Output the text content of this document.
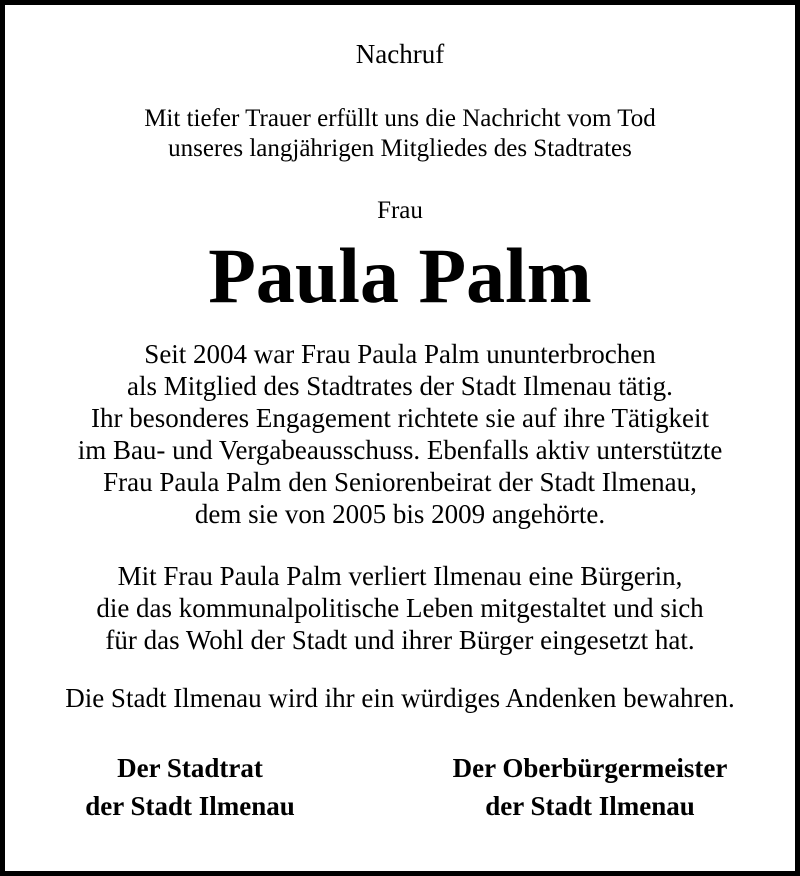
Nachruf
Mit tiefer Trauer erfüllt uns die Nachricht vom Tod
unseres langjährigen Mitgliedes des Stadtrates
Frau
Paula Palm
Seit 2004 war Frau Paula Palm ununterbrochen
als Mitglied des Stadtrates der Stadt Ilmenau tätig.
Ihr besonderes Engagement richtete sie auf ihre Tätigkeit
im Bau- und Vergabeausschuss. Ebenfalls aktiv unterstützte
Frau Paula Palm den Seniorenbeirat der Stadt Ilmenau,
dem sie von 2005 bis 2009 angehörte.
Mit Frau Paula Palm verliert Ilmenau eine Bürgerin,
die das kommunalpolitische Leben mitgestaltet und sich
für das Wohl der Stadt und ihrer Bürger eingesetzt hat.
Die Stadt Ilmenau wird ihr ein würdiges Andenken bewahren.
Der Stadtrat
der Stadt Ilmenau
Der Oberbürgermeister
der Stadt Ilmenau
